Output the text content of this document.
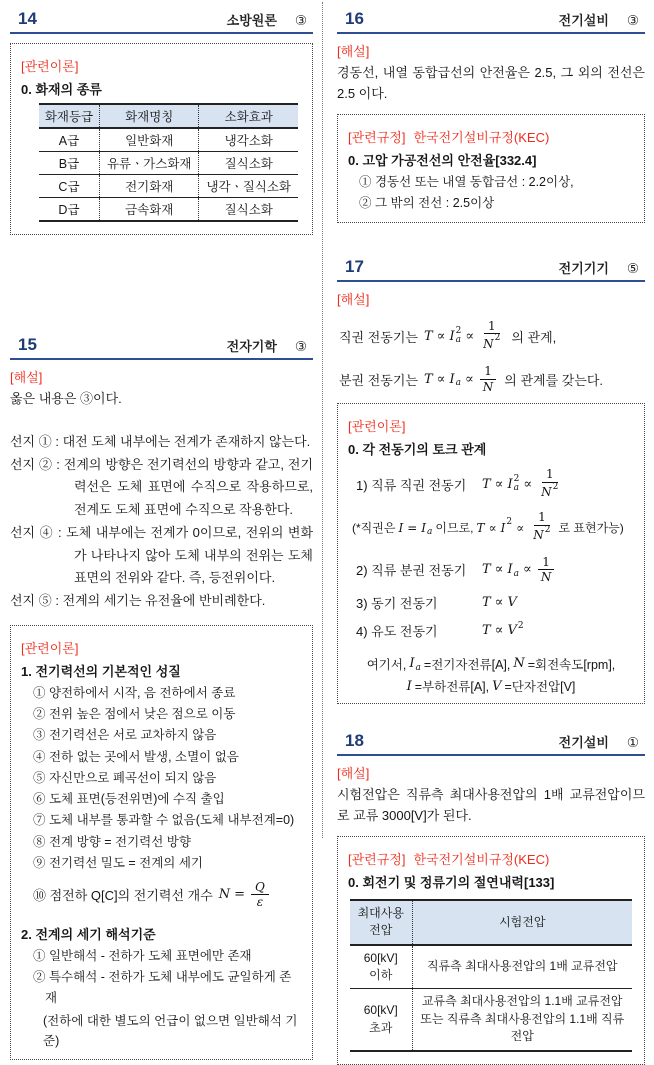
14	소방원론 ③
[관련이론]
0. 화재의 종류
화재등급	화재명칭	소화효과
A급	일반화재	냉각소화
B급	유류ㆍ가스화재	질식소화
C급	전기화재	냉각ㆍ질식소화
D급	금속화재	질식소화
15	전자기학 ③
[해설]
옳은 내용은 ③이다.
선지 ① : 대전 도체 내부에는 전계가 존재하지 않는다.
선지 ② : 전계의 방향은 전기력선의 방향과 같고, 전기력선은 도체 표면에 수직으로 작용하므로, 전계도 도체 표면에 수직으로 작용한다.
선지 ④ : 도체 내부에는 전계가 0이므로, 전위의 변화가 나타나지 않아 도체 내부의 전위는 도체 표면의 전위와 같다. 즉, 등전위이다.
선지 ⑤ : 전계의 세기는 유전율에 반비례한다.
[관련이론]
1. 전기력선의 기본적인 성질
① 양전하에서 시작, 음 전하에서 종료
② 전위 높은 점에서 낮은 점으로 이동
③ 전기력선은 서로 교차하지 않음
④ 전하 없는 곳에서 발생, 소멸이 없음
⑤ 자신만으로 폐곡선이 되지 않음
⑥ 도체 표면(등전위면)에 수직 출입
⑦ 도체 내부를 통과할 수 없음(도체 내부전계=0)
⑧ 전계 방향 = 전기력선 방향
⑨ 전기력선 밀도 = 전계의 세기
⑩ 점전하 Q[C]의 전기력선 개수 $N = \frac{Q}{\varepsilon}$
2. 전계의 세기 해석기준
① 일반해석 - 전하가 도체 표면에만 존재
② 특수해석 - 전하가 도체 내부에도 균일하게 존재
(전하에 대한 별도의 언급이 없으면 일반해석 기준)
16	전기설비 ③
[해설]
경동선, 내열 동합급선의 안전율은 2.5, 그 외의 전선은 2.5 이다.
[관련규정] 한국전기설비규정(KEC)
0. 고압 가공전선의 안전율[332.4]
① 경동선 또는 내열 동합금선 : 2.2이상,
② 그 밖의 전선 : 2.5이상
17	전기기기 ⑤
[해설]
직권 전동기는 T ∝ I 2
$a \propto \frac{1}{N 2}$
의 관계,
분권 전동기는 T ∝ I
$a \propto \frac{1}{N}$ 의 관계를 갖는다.
[관련이론]
0. 각 전동기의 토크 관계
1) 직류 직권 전동기	T ∝ I 2
$a \propto \frac{1}{N 2}$

(*직권은 I = I
a 이므로, T ∝ I 2
∝ $\frac{1}{N 2}$
로 표현가능)
2) 직류 분권 전동기	T ∝ I
$a \propto \frac{1}{N}$
3) 동기 전동기	T ∝ V
4) 유도 전동기	T ∝ V 2

여기서, I
a =전기자전류[A], N =회전속도[rpm],
I =부하전류[A], V =단자전압[V]
18	전기설비 ①
[해설]
시험전압은 직류측 최대사용전압의 1배 교류전압이므로 교류 3000[V]가 된다.
[관련규정] 한국전기설비규정(KEC)
0. 회전기 및 정류기의 절연내력[133]
최대사용
전압	시험전압
60[kV]
이하	직류측 최대사용전압의 1배 교류전압
60[kV]
초과	교류측 최대사용전압의 1.1배 교류전압
또는 직류측 최대사용전압의 1.1배 직류전압
